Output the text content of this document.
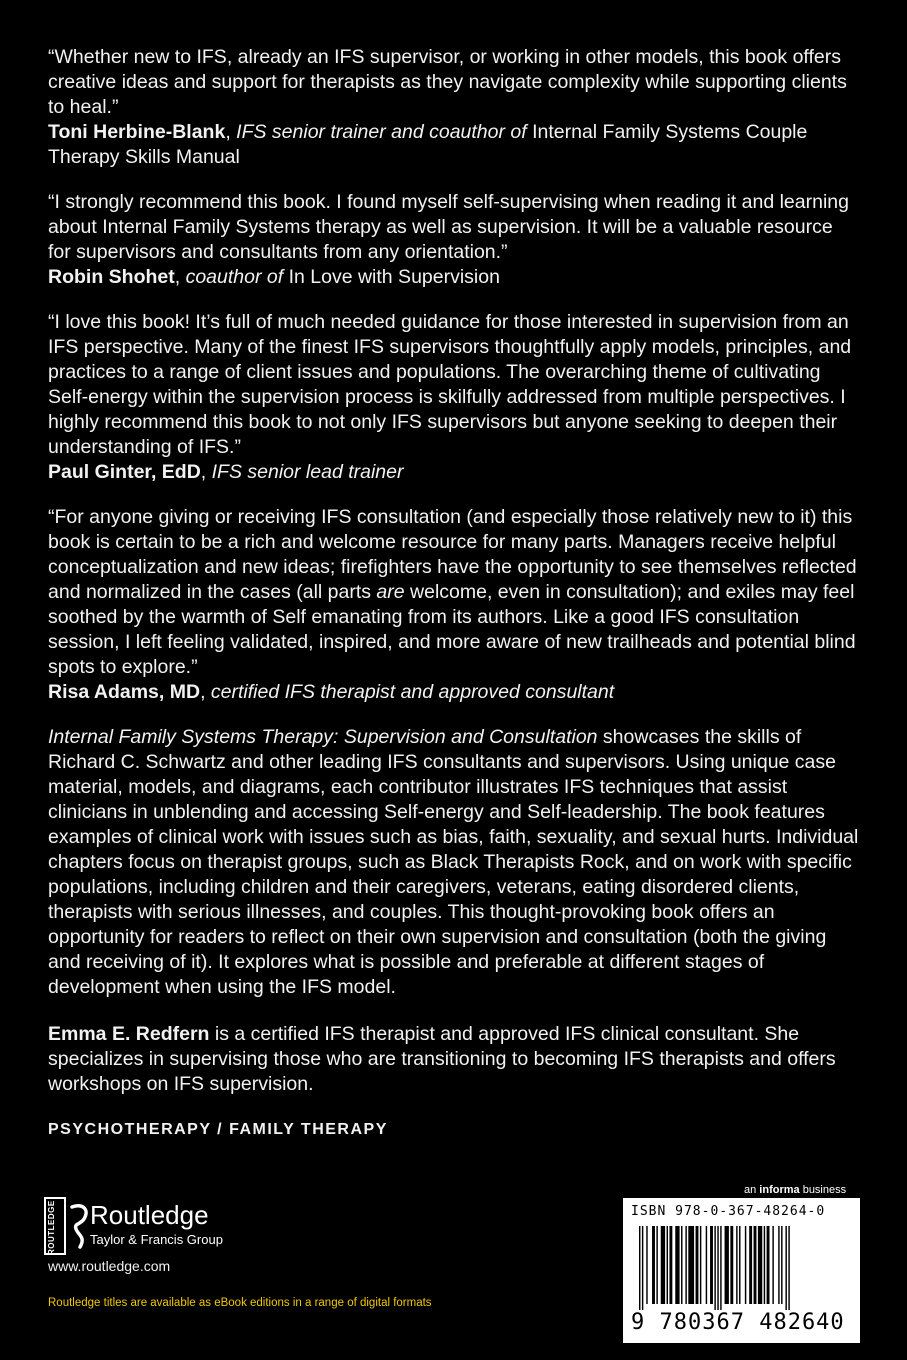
“Whether new to IFS, already an IFS supervisor, or working in other models, this book offers creative ideas and support for therapists as they navigate complexity while supporting clients to heal.”

Toni Herbine-Blank, IFS senior trainer and coauthor of Internal Family Systems Couple Therapy Skills Manual

“I strongly recommend this book. I found myself self-supervising when reading it and learning about Internal Family Systems therapy as well as supervision. It will be a valuable resource for supervisors and consultants from any orientation.”

Robin Shohet, coauthor of In Love with Supervision

“I love this book! It’s full of much needed guidance for those interested in supervision from an IFS perspective. Many of the finest IFS supervisors thoughtfully apply models, principles, and practices to a range of client issues and populations. The overarching theme of cultivating Self-energy within the supervision process is skilfully addressed from multiple perspectives. I highly recommend this book to not only IFS supervisors but anyone seeking to deepen their understanding of IFS.”

Paul Ginter, EdD, IFS senior lead trainer

“For anyone giving or receiving IFS consultation (and especially those relatively new to it) this book is certain to be a rich and welcome resource for many parts. Managers receive helpful conceptualization and new ideas; firefighters have the opportunity to see themselves reflected and normalized in the cases (all parts are welcome, even in consultation); and exiles may feel soothed by the warmth of Self emanating from its authors. Like a good IFS consultation session, I left feeling validated, inspired, and more aware of new trailheads and potential blind spots to explore.”

Risa Adams, MD, certified IFS therapist and approved consultant

Internal Family Systems Therapy: Supervision and Consultation showcases the skills of Richard C. Schwartz and other leading IFS consultants and supervisors. Using unique case material, models, and diagrams, each contributor illustrates IFS techniques that assist clinicians in unblending and accessing Self-energy and Self-leadership. The book features examples of clinical work with issues such as bias, faith, sexuality, and sexual hurts. Individual chapters focus on therapist groups, such as Black Therapists Rock, and on work with specific populations, including children and their caregivers, veterans, eating disordered clients, therapists with serious illnesses, and couples. This thought-provoking book offers an opportunity for readers to reflect on their own supervision and consultation (both the giving and receiving of it). It explores what is possible and preferable at different stages of development when using the IFS model.

Emma E. Redfern is a certified IFS therapist and approved IFS clinical consultant. She specializes in supervising those who are transitioning to becoming IFS therapists and offers workshops on IFS supervision.

PSYCHOTHERAPY / FAMILY THERAPY
ROUTLEDGE Routledge
Taylor & Francis Group
www.routledge.com
Routledge titles are available as eBook editions in a range of digital formats
an informa business
ISBN 978-0-367-48264-0
9 780367 482640
